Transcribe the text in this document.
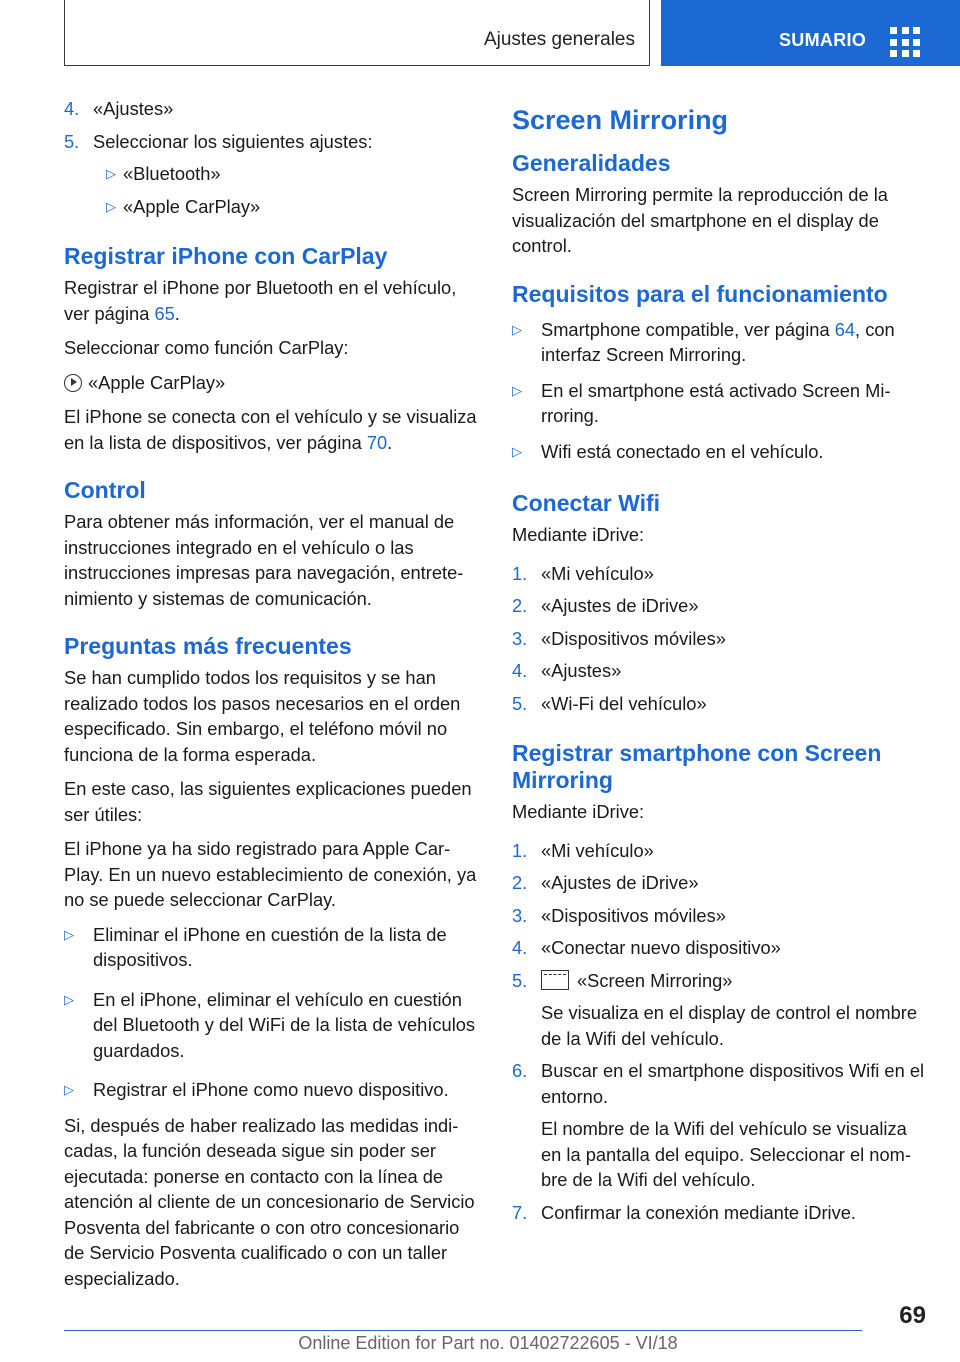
Ajustes generales	SUMARIO
4. «Ajustes»
5. Seleccionar los siguientes ajustes:
▷ «Bluetooth»
▷ «Apple CarPlay»
Registrar iPhone con CarPlay
Registrar el iPhone por Bluetooth en el vehículo, ver página 65.
Seleccionar como función CarPlay:
«Apple CarPlay»
El iPhone se conecta con el vehículo y se visualiza en la lista de dispositivos, ver página 70.
Control
Para obtener más información, ver el manual de instrucciones integrado en el vehículo o las instrucciones impresas para navegación, entretenimiento y sistemas de comunicación.
Preguntas más frecuentes
Se han cumplido todos los requisitos y se han realizado todos los pasos necesarios en el orden especificado. Sin embargo, el teléfono móvil no funciona de la forma esperada.
En este caso, las siguientes explicaciones pueden ser útiles:
El iPhone ya ha sido registrado para Apple CarPlay. En un nuevo establecimiento de conexión, ya no se puede seleccionar CarPlay.
▷ Eliminar el iPhone en cuestión de la lista de dispositivos.
▷ En el iPhone, eliminar el vehículo en cuestión del Bluetooth y del WiFi de la lista de vehículos guardados.
▷ Registrar el iPhone como nuevo dispositivo.
Si, después de haber realizado las medidas indicadas, la función deseada sigue sin poder ser ejecutada: ponerse en contacto con la línea de atención al cliente de un concesionario de Servicio Posventa del fabricante o con otro concesionario de Servicio Posventa cualificado o con un taller especializado.
Screen Mirroring
Generalidades
Screen Mirroring permite la reproducción de la visualización del smartphone en el display de control.
Requisitos para el funcionamiento
▷ Smartphone compatible, ver página 64, con interfaz Screen Mirroring.
▷ En el smartphone está activado Screen Mirroring.
▷ Wifi está conectado en el vehículo.
Conectar Wifi
Mediante iDrive:
1. «Mi vehículo»
2. «Ajustes de iDrive»
3. «Dispositivos móviles»
4. «Ajustes»
5. «Wi-Fi del vehículo»
Registrar smartphone con Screen Mirroring
Mediante iDrive:
1. «Mi vehículo»
2. «Ajustes de iDrive»
3. «Dispositivos móviles»
4. «Conectar nuevo dispositivo»
5.	«Screen Mirroring»
Se visualiza en el display de control el nombre de la Wifi del vehículo.
6. Buscar en el smartphone dispositivos Wifi en el entorno.
El nombre de la Wifi del vehículo se visualiza en la pantalla del equipo. Seleccionar el nombre de la Wifi del vehículo.
7. Confirmar la conexión mediante iDrive.
69
Online Edition for Part no. 01402722605 - VI/18
